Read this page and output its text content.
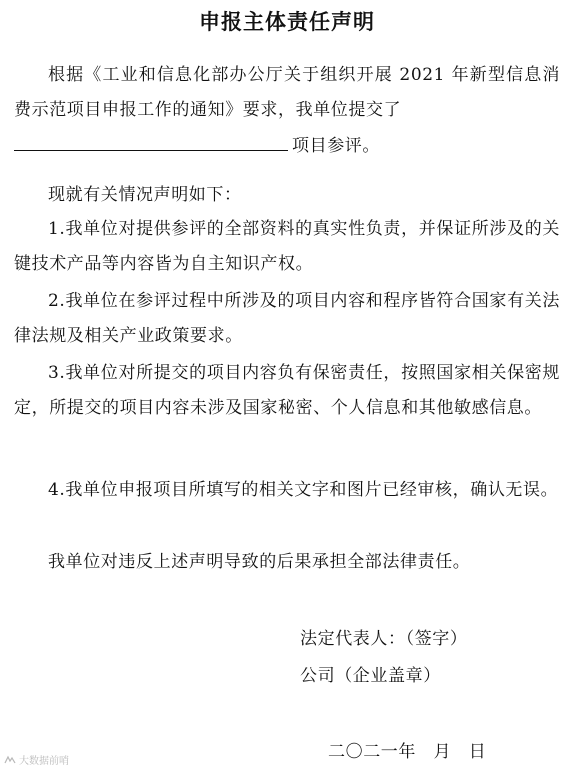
申报主体责任声明
根据《工业和信息化部办公厅关于组织开展 2021 年新型信息消费示范项目申报工作的通知》要求，我单位提交了
项目参评。
现就有关情况声明如下：
1.我单位对提供参评的全部资料的真实性负责，并保证所涉及的关键技术产品等内容皆为自主知识产权。
2.我单位在参评过程中所涉及的项目内容和程序皆符合国家有关法律法规及相关产业政策要求。
3.我单位对所提交的项目内容负有保密责任，按照国家相关保密规定，所提交的项目内容未涉及国家秘密、个人信息和其他敏感信息。
4.我单位申报项目所填写的相关文字和图片已经审核，确认无误。
我单位对违反上述声明导致的后果承担全部法律责任。
法定代表人：（签字）
公司（企业盖章）
二〇二一年　月　日
大数据前哨
